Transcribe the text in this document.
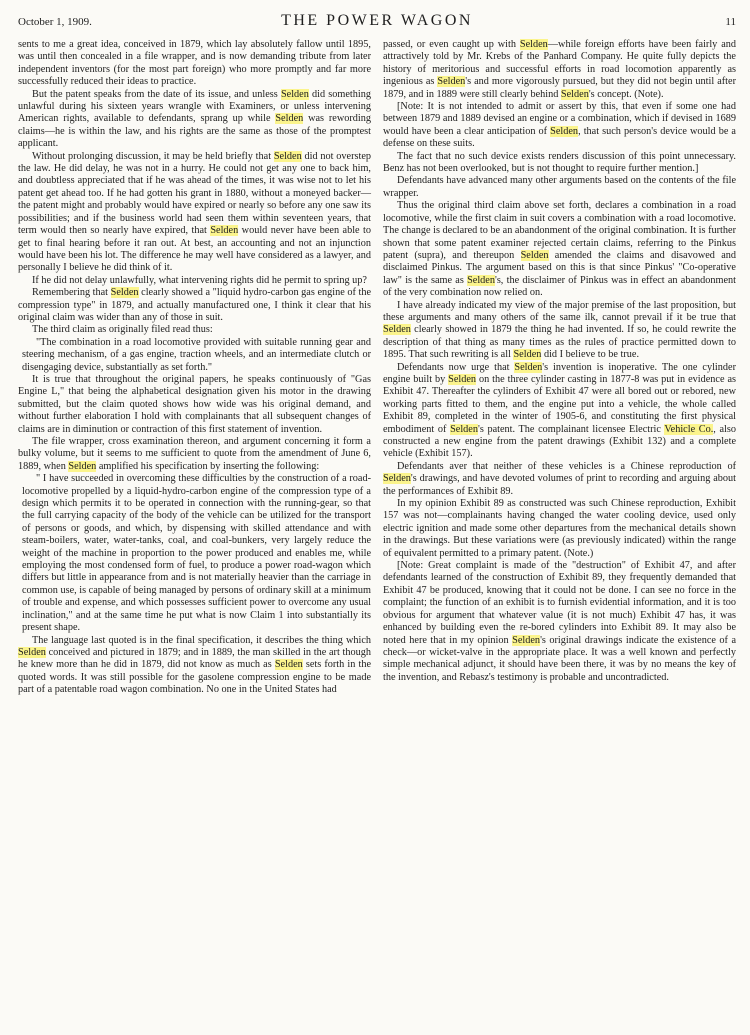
October 1, 1909.	THE POWER WAGON	11

sents to me a great idea, conceived in 1879, which lay absolutely fallow until 1895, was until then concealed in a file wrapper, and is now demanding tribute from later independent inventors (for the most part foreign) who more promptly and far more successfully reduced their ideas to practice.

But the patent speaks from the date of its issue, and unless Selden did something unlawful during his sixteen years wrangle with Examiners, or unless intervening American rights, available to defendants, sprang up while Selden was rewording claims—he is within the law, and his rights are the same as those of the promptest applicant.

Without prolonging discussion, it may be held briefly that Selden did not overstep the law. He did delay, he was not in a hurry. He could not get any one to back him, and doubtless appreciated that if he was ahead of the times, it was wise not to let his patent get ahead too. If he had gotten his grant in 1880, without a moneyed backer—the patent might and probably would have expired or nearly so before any one saw its possibilities; and if the business world had seen them within seventeen years, that term would then so nearly have expired, that Selden would never have been able to get to final hearing before it ran out. At best, an accounting and not an injunction would have been his lot. The difference he may well have considered as a lawyer, and personally I believe he did think of it.

If he did not delay unlawfully, what intervening rights did he permit to spring up?

Remembering that Selden clearly showed a "liquid hydro-carbon gas engine of the compression type" in 1879, and actually manufactured one, I think it clear that his original claim was wider than any of those in suit.

The third claim as originally filed read thus:

"The combination in a road locomotive provided with suitable running gear and steering mechanism, of a gas engine, traction wheels, and an intermediate clutch or disengaging device, substantially as set forth."

It is true that throughout the original papers, he speaks continuously of "Gas Engine L," that being the alphabetical designation given his motor in the drawing submitted, but the claim quoted shows how wide was his original demand, and without further elaboration I hold with complainants that all subsequent changes of claims are in diminution or contraction of this first statement of invention.

The file wrapper, cross examination thereon, and argument concerning it form a bulky volume, but it seems to me sufficient to quote from the amendment of June 6, 1889, when Selden amplified his specification by inserting the following:

" I have succeeded in overcoming these difficulties by the construction of a road-locomotive propelled by a liquid-hydro-carbon engine of the compression type of a design which permits it to be operated in connection with the running-gear, so that the full carrying capacity of the body of the vehicle can be utilized for the transport of persons or goods, and which, by dispensing with skilled attendance and with steam-boilers, water, water-tanks, coal, and coal-bunkers, very largely reduce the weight of the machine in proportion to the power produced and enables me, while employing the most condensed form of fuel, to produce a power road-wagon which differs but little in appearance from and is not materially heavier than the carriage in common use, is capable of being managed by persons of ordinary skill at a minimum of trouble and expense, and which possesses sufficient power to overcome any usual inclination," and at the same time he put what is now Claim 1 into substantially its present shape.

The language last quoted is in the final specification, it describes the thing which Selden conceived and pictured in 1879; and in 1889, the man skilled in the art though he knew more than he did in 1879, did not know as much as Selden sets forth in the quoted words. It was still possible for the gasolene compression engine to be made part of a patentable road wagon combination. No one in the United States had

passed, or even caught up with Selden—while foreign efforts have been fairly and attractively told by Mr. Krebs of the Panhard Company. He quite fully depicts the history of meritorious and successful efforts in road locomotion apparently as ingenious as Selden's and more vigorously pursued, but they did not begin until after 1879, and in 1889 were still clearly behind Selden's concept. (Note).

[Note: It is not intended to admit or assert by this, that even if some one had between 1879 and 1889 devised an engine or a combination, which if devised in 1689 would have been a clear anticipation of Selden, that such person's device would be a defense on these suits.

The fact that no such device exists renders discussion of this point unnecessary. Benz has not been overlooked, but is not thought to require further mention.]

Defendants have advanced many other arguments based on the contents of the file wrapper.

Thus the original third claim above set forth, declares a combination in a road locomotive, while the first claim in suit covers a combination with a road locomotive. The change is declared to be an abandonment of the original combination. It is further shown that some patent examiner rejected certain claims, referring to the Pinkus patent (supra), and thereupon Selden amended the claims and disavowed and disclaimed Pinkus. The argument based on this is that since Pinkus' "Co-operative law" is the same as Selden's, the disclaimer of Pinkus was in effect an abandonment of the very combination now relied on.

I have already indicated my view of the major premise of the last proposition, but these arguments and many others of the same ilk, cannot prevail if it be true that Selden clearly showed in 1879 the thing he had invented. If so, he could rewrite the description of that thing as many times as the rules of practice permitted down to 1895. That such rewriting is all Selden did I believe to be true.

Defendants now urge that Selden's invention is inoperative. The one cylinder engine built by Selden on the three cylinder casting in 1877-8 was put in evidence as Exhibit 47. Thereafter the cylinders of Exhibit 47 were all bored out or rebored, new working parts fitted to them, and the engine put into a vehicle, the whole called Exhibit 89, completed in the winter of 1905-6, and constituting the first physical embodiment of Selden's patent. The complainant licensee Electric Vehicle Co., also constructed a new engine from the patent drawings (Exhibit 132) and a complete vehicle (Exhibit 157).

Defendants aver that neither of these vehicles is a Chinese reproduction of Selden's drawings, and have devoted volumes of print to recording and arguing about the performances of Exhibit 89.

In my opinion Exhibit 89 as constructed was such Chinese reproduction, Exhibit 157 was not—complainants having changed the water cooling device, used only electric ignition and made some other departures from the mechanical details shown in the drawings. But these variations were (as previously indicated) within the range of equivalent permitted to a primary patent. (Note.)

[Note: Great complaint is made of the "destruction" of Exhibit 47, and after defendants learned of the construction of Exhibit 89, they frequently demanded that Exhibit 47 be produced, knowing that it could not be done. I can see no force in the complaint; the function of an exhibit is to furnish evidential information, and it is too obvious for argument that whatever value (it is not much) Exhibit 47 has, it was enhanced by building even the re-bored cylinders into Exhibit 89. It may also be noted here that in my opinion Selden's original drawings indicate the existence of a check—or wicket-valve in the appropriate place. It was a well known and perfectly simple mechanical adjunct, it should have been there, it was by no means the key of the invention, and Rebasz's testimony is probable and uncontradicted.
